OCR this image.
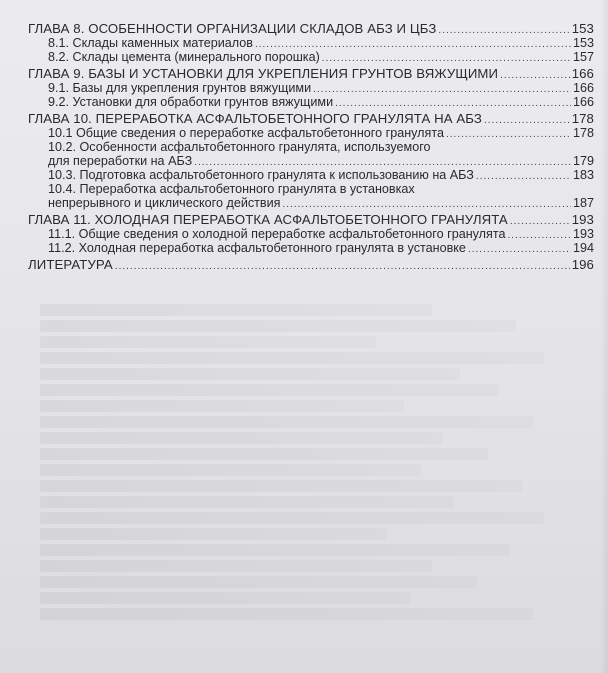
ГЛАВА 8. ОСОБЕННОСТИ ОРГАНИЗАЦИИ СКЛАДОВ АБЗ И ЦБЗ .....	153
8.1. Склады каменных материалов .....	153
8.2. Склады цемента (минерального порошка) .....	157
ГЛАВА 9. БАЗЫ И УСТАНОВКИ ДЛЯ УКРЕПЛЕНИЯ ГРУНТОВ ВЯЖУЩИМИ .....	166
9.1. Базы для укрепления грунтов вяжущими .....	166
9.2. Установки для обработки грунтов вяжущими .....	166
ГЛАВА 10. ПЕРЕРАБОТКА АСФАЛЬТОБЕТОННОГО ГРАНУЛЯТА НА АБЗ .....	178
10.1 Общие сведения о переработке асфальтобетонного гранулята .....	178
10.2. Особенности асфальтобетонного гранулята, используемого
для переработки на АБЗ .....	179
10.3. Подготовка асфальтобетонного гранулята к использованию на АБЗ .....	183
10.4. Переработка асфальтобетонного гранулята в установках
непрерывного и циклического действия .....	187
ГЛАВА 11. ХОЛОДНАЯ ПЕРЕРАБОТКА АСФАЛЬТОБЕТОННОГО ГРАНУЛЯТА .....	193
11.1. Общие сведения о холодной переработке асфальтобетонного гранулята .....	193
11.2. Холодная переработка асфальтобетонного гранулята в установке .....	194
ЛИТЕРАТУРА .....	196
